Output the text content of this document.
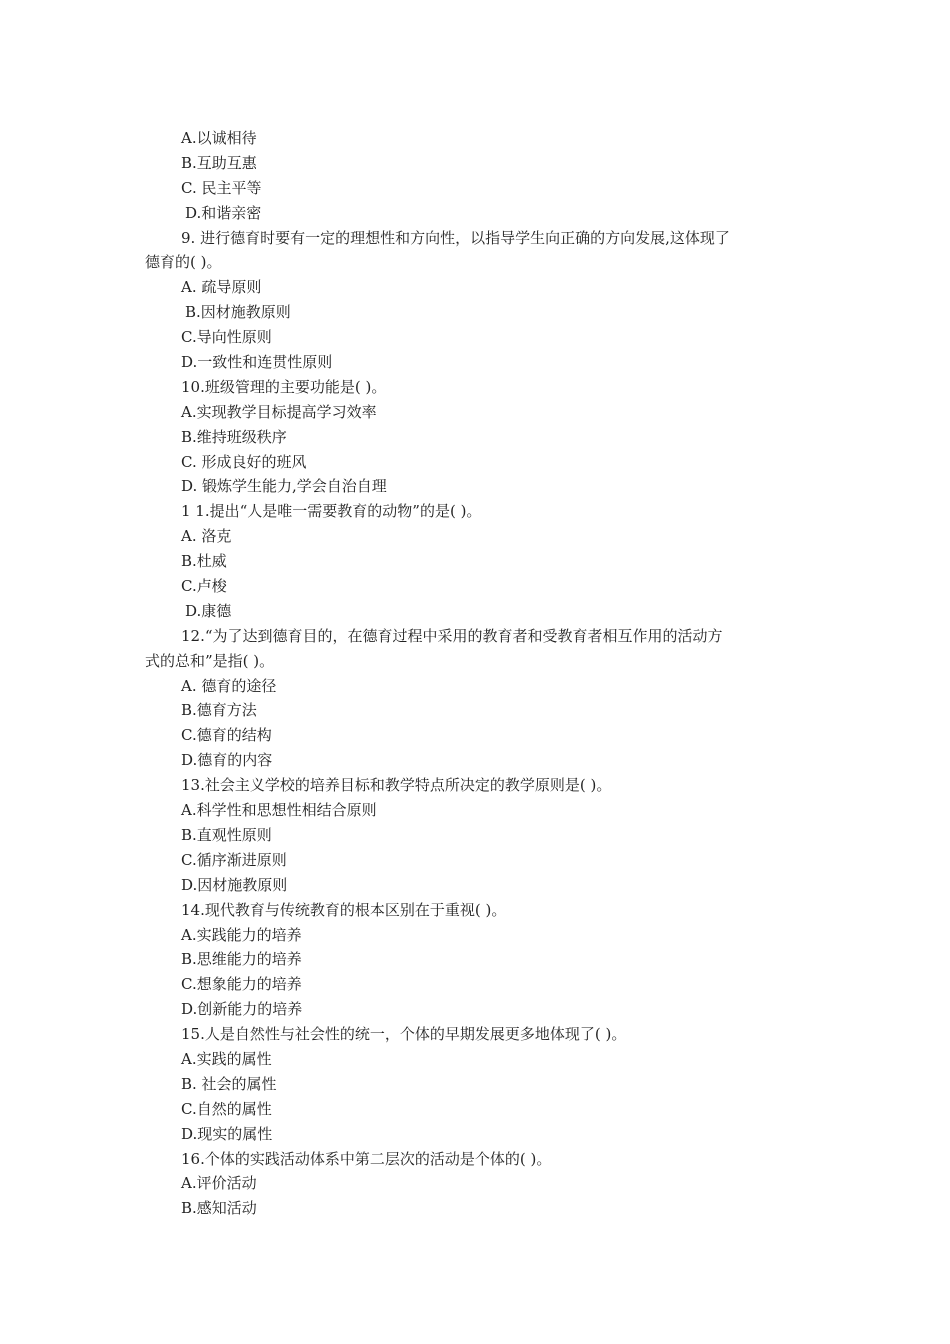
A.以诚相待
B.互助互惠
C. 民主平等
D.和谐亲密
9. 进行德育时要有一定的理想性和方向性，以指导学生向正确的方向发展,这体现了
德育的( )。
A. 疏导原则
B.因材施教原则
C.导向性原则
D.一致性和连贯性原则
10.班级管理的主要功能是( )。
A.实现教学目标提高学习效率
B.维持班级秩序
C. 形成良好的班风
D. 锻炼学生能力,学会自治自理
1 1.提出“人是唯一需要教育的动物”的是( )。
A. 洛克
B.杜威
C.卢梭
D.康德
12.“为了达到德育目的，在德育过程中采用的教育者和受教育者相互作用的活动方
式的总和”是指( )。
A. 德育的途径
B.德育方法
C.德育的结构
D.德育的内容
13.社会主义学校的培养目标和教学特点所决定的教学原则是( )。
A.科学性和思想性相结合原则
B.直观性原则
C.循序渐进原则
D.因材施教原则
14.现代教育与传统教育的根本区别在于重视( )。
A.实践能力的培养
B.思维能力的培养
C.想象能力的培养
D.创新能力的培养
15.人是自然性与社会性的统一，个体的早期发展更多地体现了( )。
A.实践的属性
B. 社会的属性
C.自然的属性
D.现实的属性
16.个体的实践活动体系中第二层次的活动是个体的( )。
A.评价活动
B.感知活动
